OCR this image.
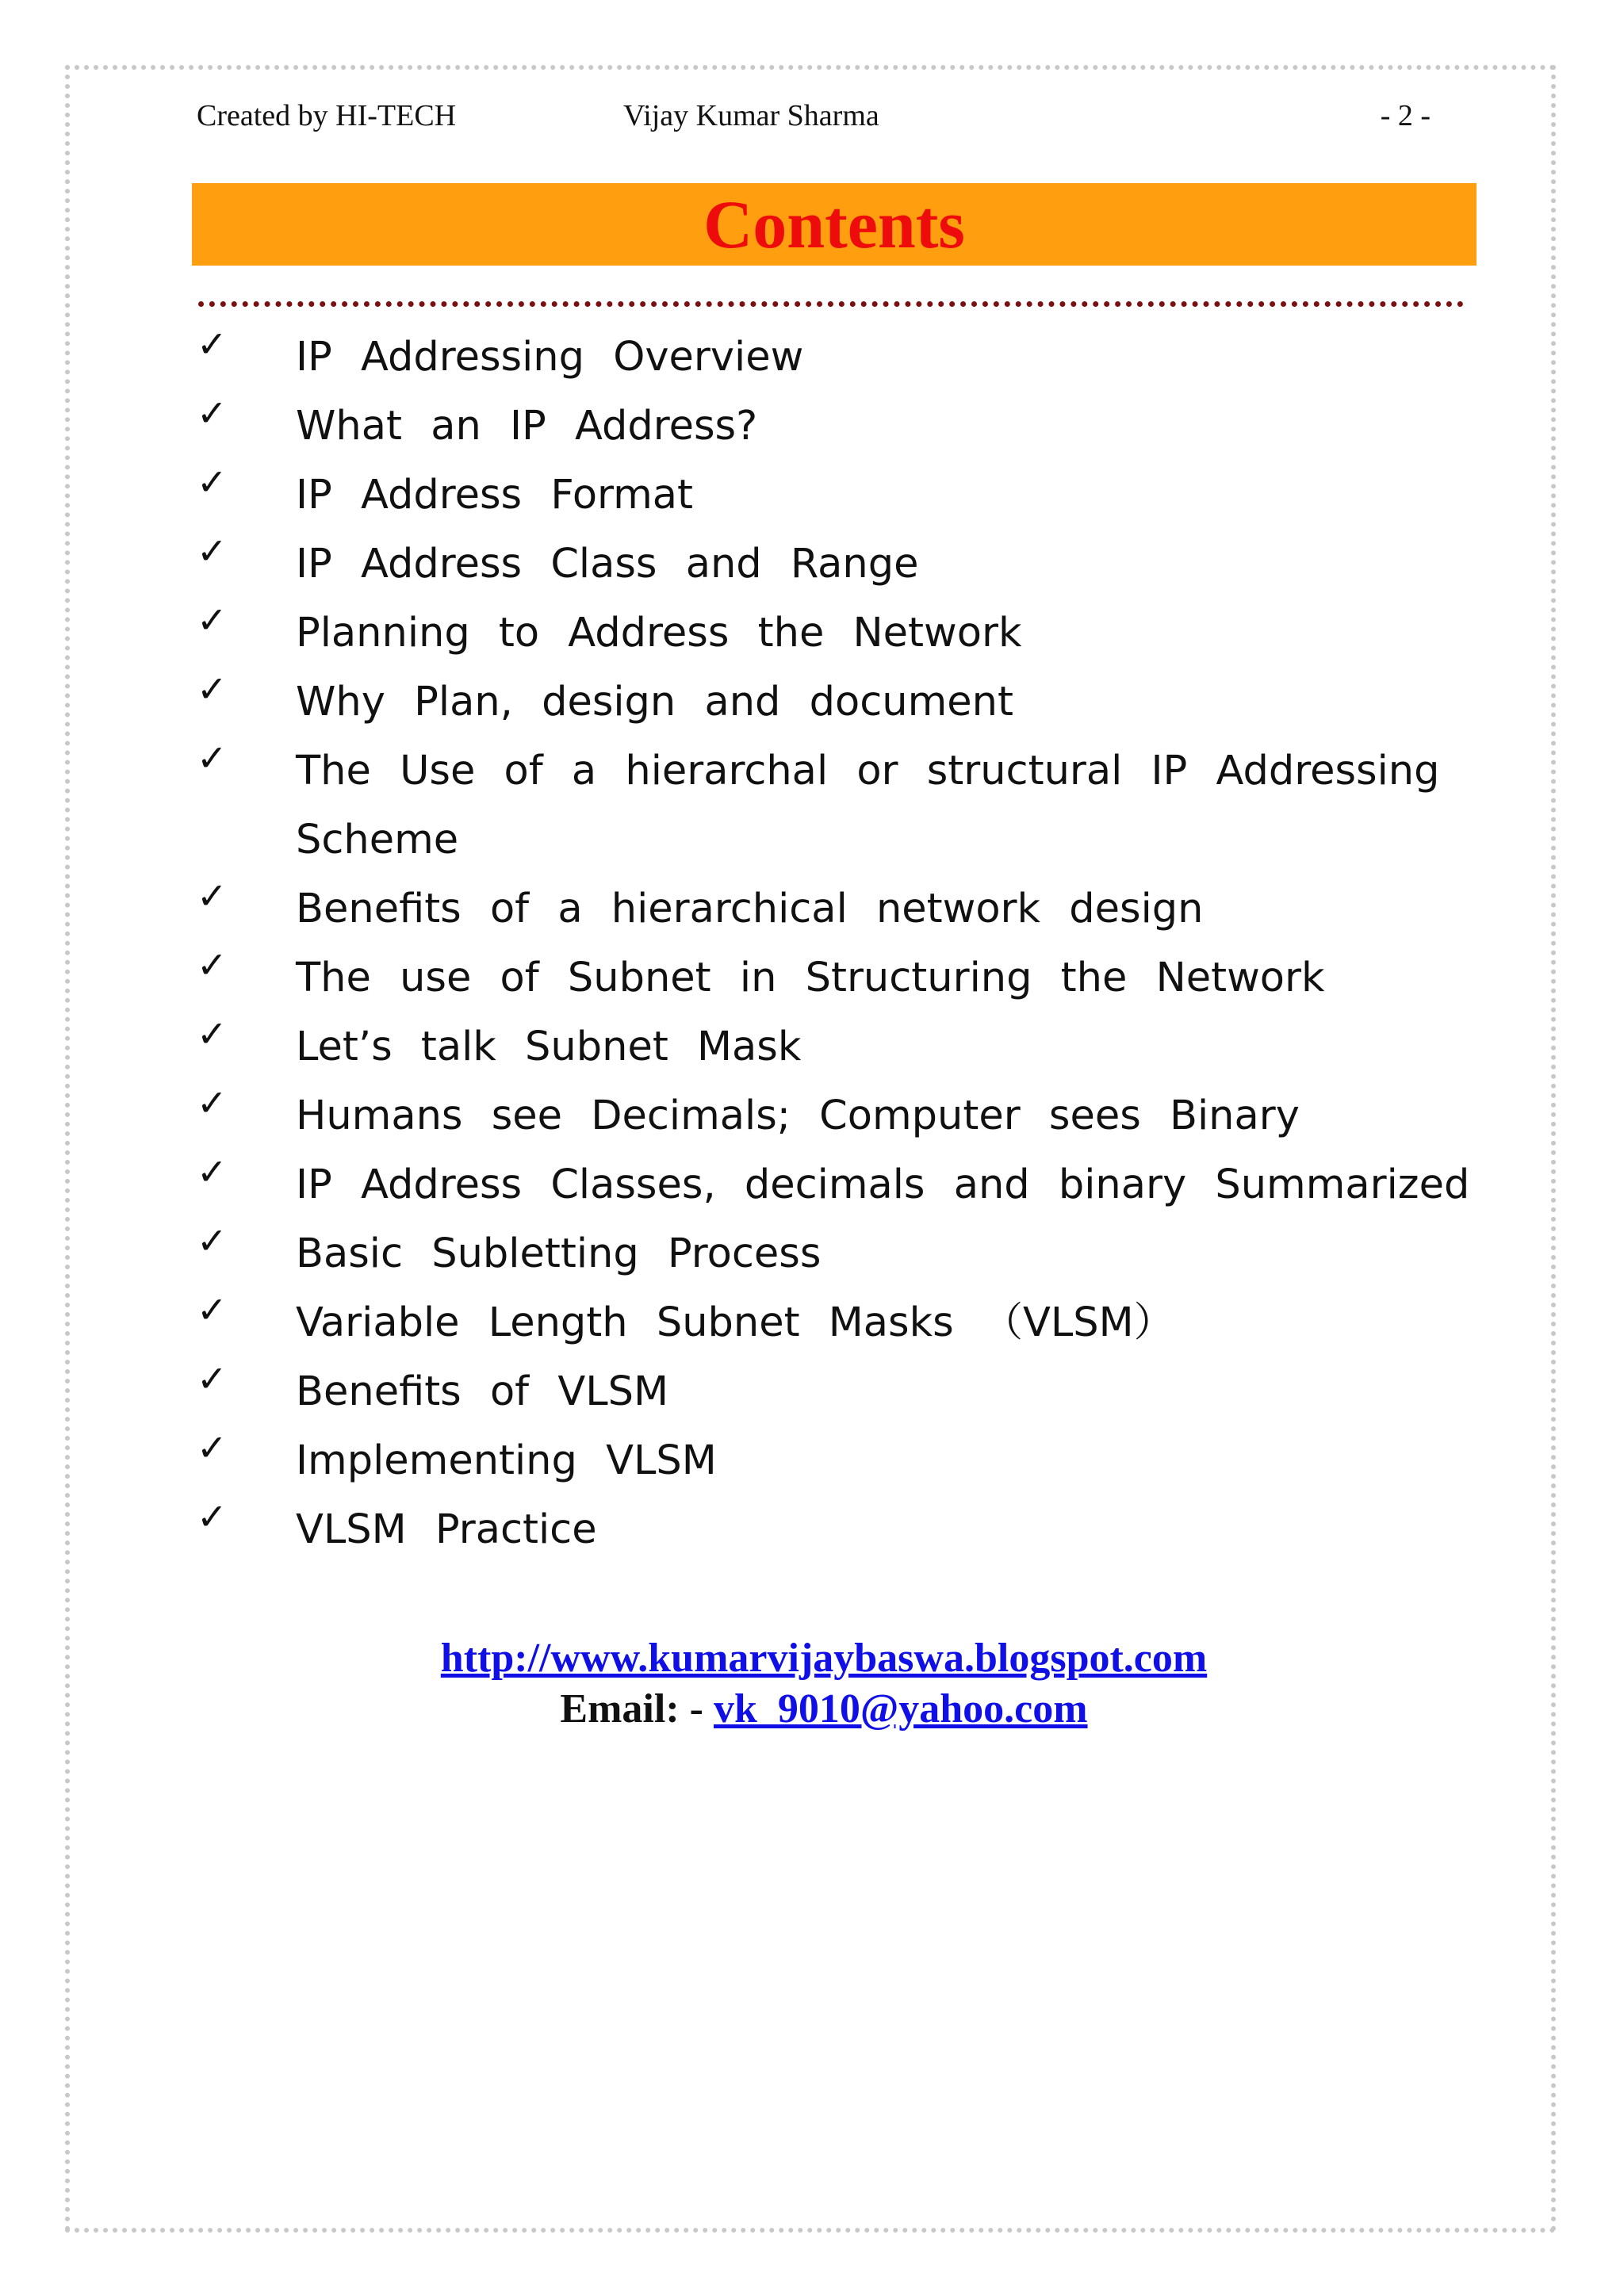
Created by HI-TECH	Vijay Kumar Sharma	- 2 -
Contents
✓ IP Addressing Overview
✓ What an IP Address?
✓ IP Address Format
✓ IP Address Class and Range
✓ Planning to Address the Network
✓ Why Plan, design and document
✓ The Use of a hierarchal or structural IP Addressing Scheme
✓ Benefits of a hierarchical network design
✓ The use of Subnet in Structuring the Network
✓ Let’s talk Subnet Mask
✓ Humans see Decimals; Computer sees Binary
✓ IP Address Classes, decimals and binary Summarized
✓ Basic Subletting Process
✓ Variable Length Subnet Masks （VLSM）
✓ Benefits of VLSM
✓ Implementing VLSM
✓ VLSM Practice
http://www.kumarvijaybaswa.blogspot.com
Email: - vk_9010@yahoo.com
